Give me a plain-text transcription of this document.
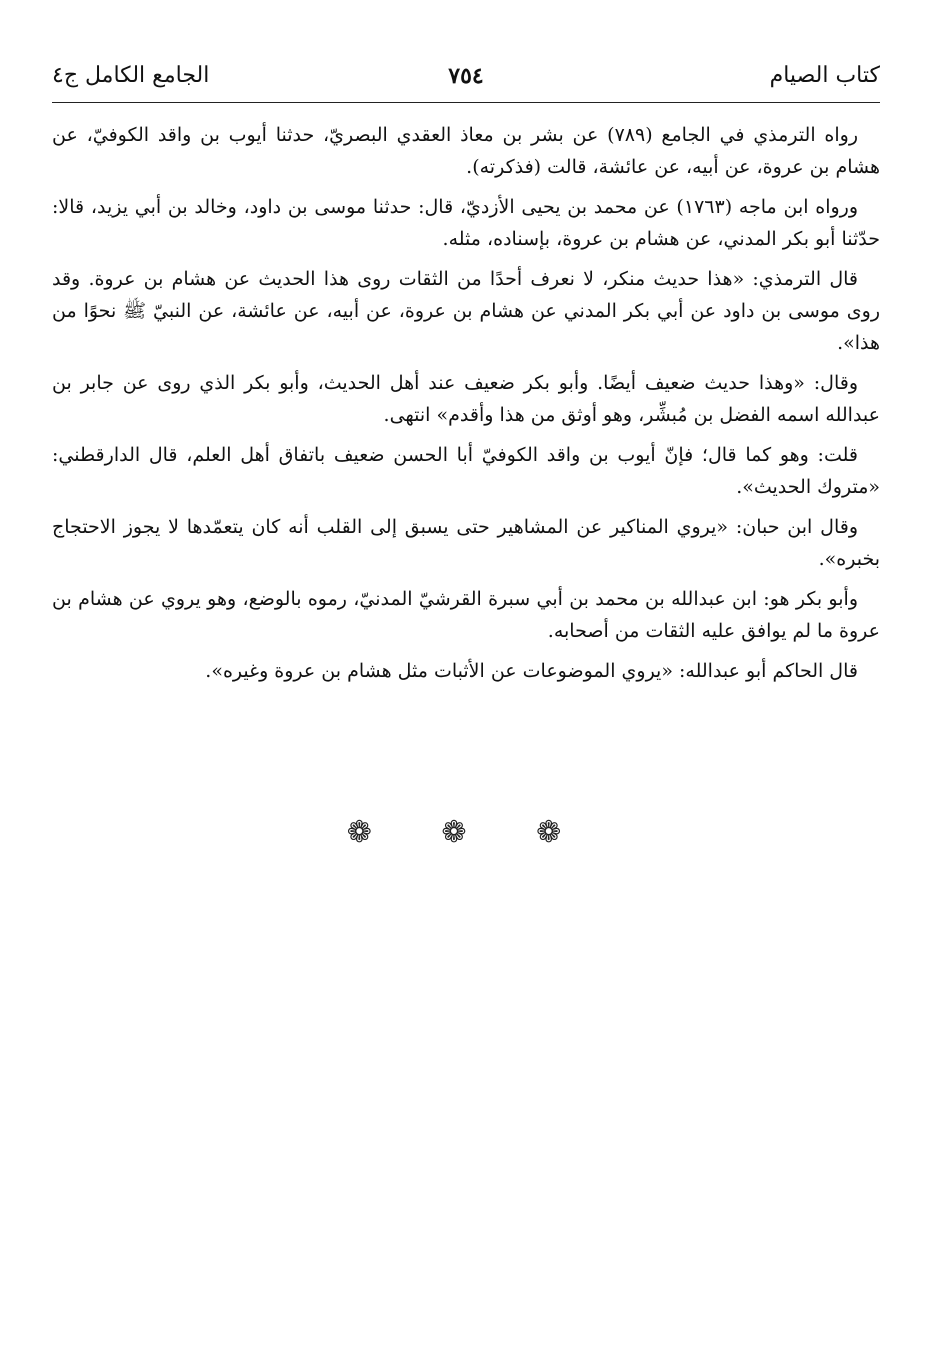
كتاب الصيام
٧٥٤
الجامع الكامل ج٤

رواه الترمذي في الجامع (٧٨٩) عن بشر بن معاذ العقدي البصريّ، حدثنا أيوب بن واقد الكوفيّ، عن هشام بن عروة، عن أبيه، عن عائشة، قالت (فذكرته).

ورواه ابن ماجه (١٧٦٣) عن محمد بن يحيى الأزديّ، قال: حدثنا موسى بن داود، وخالد بن أبي يزيد، قالا: حدّثنا أبو بكر المدني، عن هشام بن عروة، بإسناده، مثله.

قال الترمذي: «هذا حديث منكر، لا نعرف أحدًا من الثقات روى هذا الحديث عن هشام بن عروة. وقد روى موسى بن داود عن أبي بكر المدني عن هشام بن عروة، عن أبيه، عن عائشة، عن النبيّ ﷺ نحوًا من هذا».

وقال: «وهذا حديث ضعيف أيضًا. وأبو بكر ضعيف عند أهل الحديث، وأبو بكر الذي روى عن جابر بن عبدالله اسمه الفضل بن مُبشِّر، وهو أوثق من هذا وأقدم» انتهى.

قلت: وهو كما قال؛ فإنّ أيوب بن واقد الكوفيّ أبا الحسن ضعيف باتفاق أهل العلم، قال الدارقطني: «متروك الحديث».

وقال ابن حبان: «يروي المناكير عن المشاهير حتى يسبق إلى القلب أنه كان يتعمّدها لا يجوز الاحتجاج بخبره».

وأبو بكر هو: ابن عبدالله بن محمد بن أبي سبرة القرشيّ المدنيّ، رموه بالوضع، وهو يروي عن هشام بن عروة ما لم يوافق عليه الثقات من أصحابه.

قال الحاكم أبو عبدالله: «يروي الموضوعات عن الأثبات مثل هشام بن عروة وغيره».

❁ ❁ ❁
